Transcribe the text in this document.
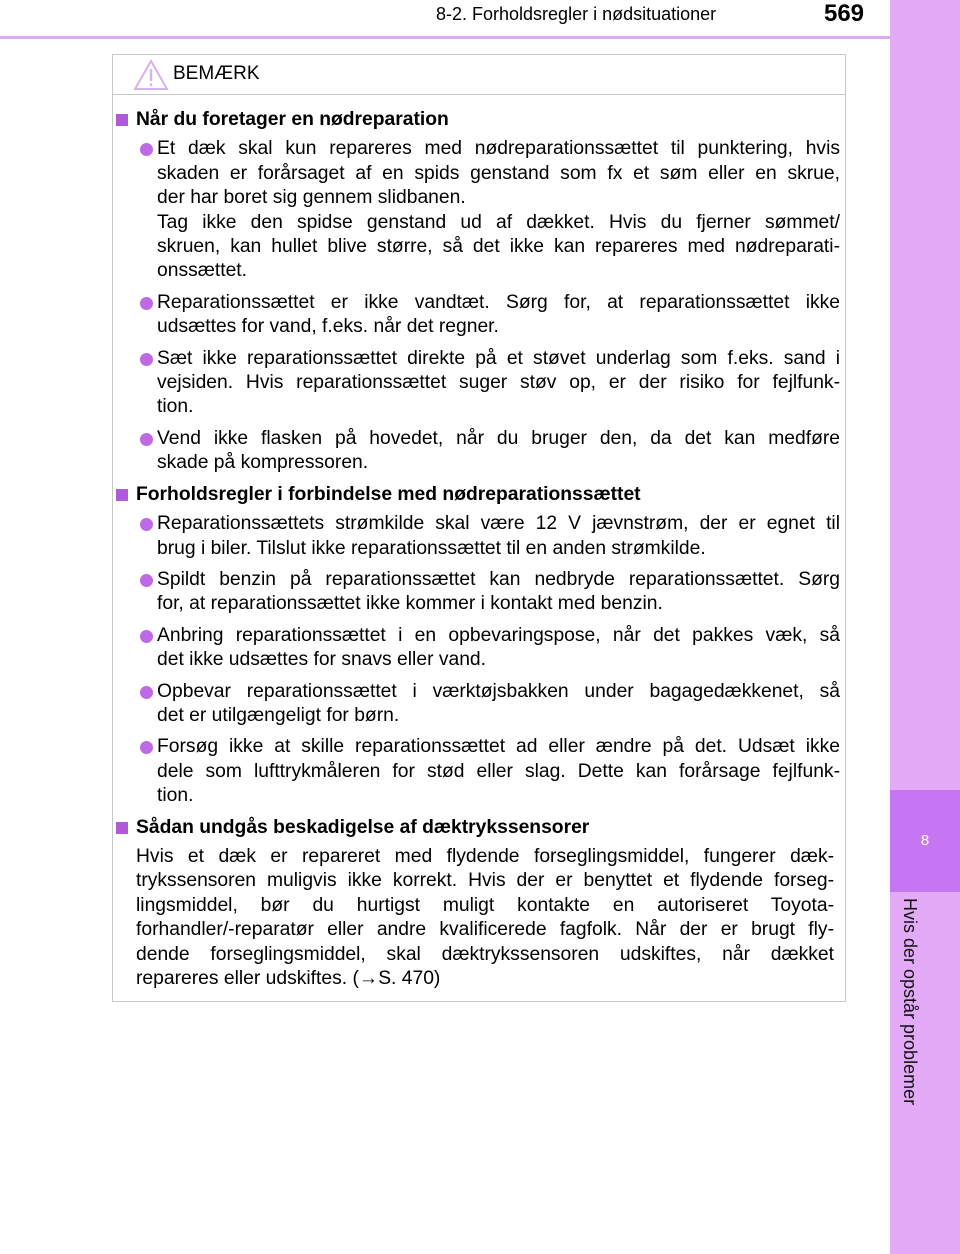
8-2. Forholdsregler i nødsituationer	569
8
Hvis der opstår problemer
BEMÆRK
Når du foretager en nødreparation
Et dæk skal kun repareres med nødreparationssættet til punktering, hvis
skaden er forårsaget af en spids genstand som fx et søm eller en skrue,
der har boret sig gennem slidbanen.
Tag ikke den spidse genstand ud af dækket. Hvis du fjerner sømmet/
skruen, kan hullet blive større, så det ikke kan repareres med nødreparati-
onssættet.
Reparationssættet er ikke vandtæt. Sørg for, at reparationssættet ikke
udsættes for vand, f.eks. når det regner.
Sæt ikke reparationssættet direkte på et støvet underlag som f.eks. sand i
vejsiden. Hvis reparationssættet suger støv op, er der risiko for fejlfunk-
tion.
Vend ikke flasken på hovedet, når du bruger den, da det kan medføre
skade på kompressoren.
Forholdsregler i forbindelse med nødreparationssættet
Reparationssættets strømkilde skal være 12 V jævnstrøm, der er egnet til
brug i biler. Tilslut ikke reparationssættet til en anden strømkilde.
Spildt benzin på reparationssættet kan nedbryde reparationssættet. Sørg
for, at reparationssættet ikke kommer i kontakt med benzin.
Anbring reparationssættet i en opbevaringspose, når det pakkes væk, så
det ikke udsættes for snavs eller vand.
Opbevar reparationssættet i værktøjsbakken under bagagedækkenet, så
det er utilgængeligt for børn.
Forsøg ikke at skille reparationssættet ad eller ændre på det. Udsæt ikke
dele som lufttrykmåleren for stød eller slag. Dette kan forårsage fejlfunk-
tion.
Sådan undgås beskadigelse af dæktrykssensorer
Hvis et dæk er repareret med flydende forseglingsmiddel, fungerer dæk-
trykssensoren muligvis ikke korrekt. Hvis der er benyttet et flydende forseg-
lingsmiddel, bør du hurtigst muligt kontakte en autoriseret Toyota-
forhandler/-reparatør eller andre kvalificerede fagfolk. Når der er brugt fly-
dende forseglingsmiddel, skal dæktrykssensoren udskiftes, når dækket
repareres eller udskiftes. (→S. 470)
